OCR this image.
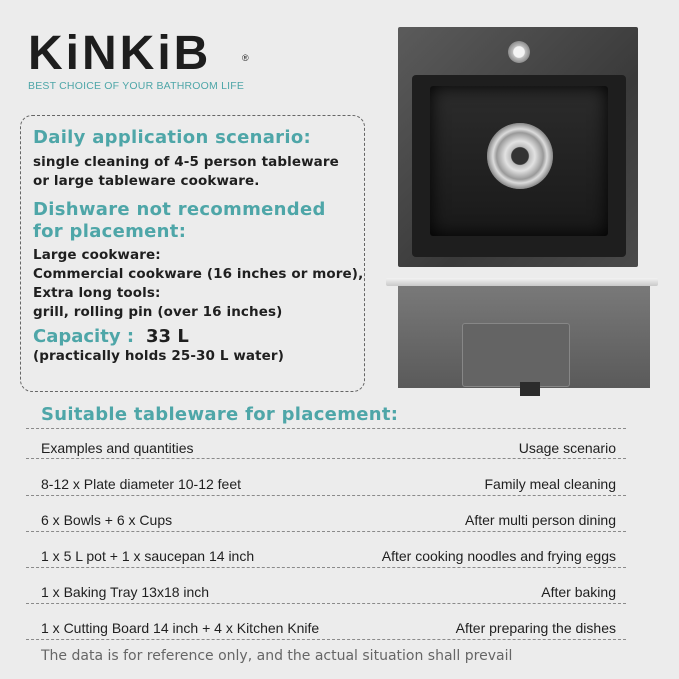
KiNKiB	®
BEST CHOICE OF YOUR BATHROOM LIFE
Daily application scenario:
single cleaning of 4-5 person tableware
or large tableware cookware.
Dishware not recommended
for placement:
Large cookware:
Commercial cookware (16 inches or more),
Extra long tools:
grill, rolling pin (over 16 inches)
Capacity : 33 L
(practically holds 25-30 L water)
Suitable tableware for placement:
Examples and quantities	Usage scenario
8-12 x Plate diameter 10-12 feet	Family meal cleaning
6 x Bowls + 6 x Cups	After multi person dining
1 x 5 L pot + 1 x saucepan 14 inch	After cooking noodles and frying eggs
1 x Baking Tray 13x18 inch	After baking
1 x Cutting Board 14 inch + 4 x Kitchen Knife	After preparing the dishes
The data is for reference only, and the actual situation shall prevail
